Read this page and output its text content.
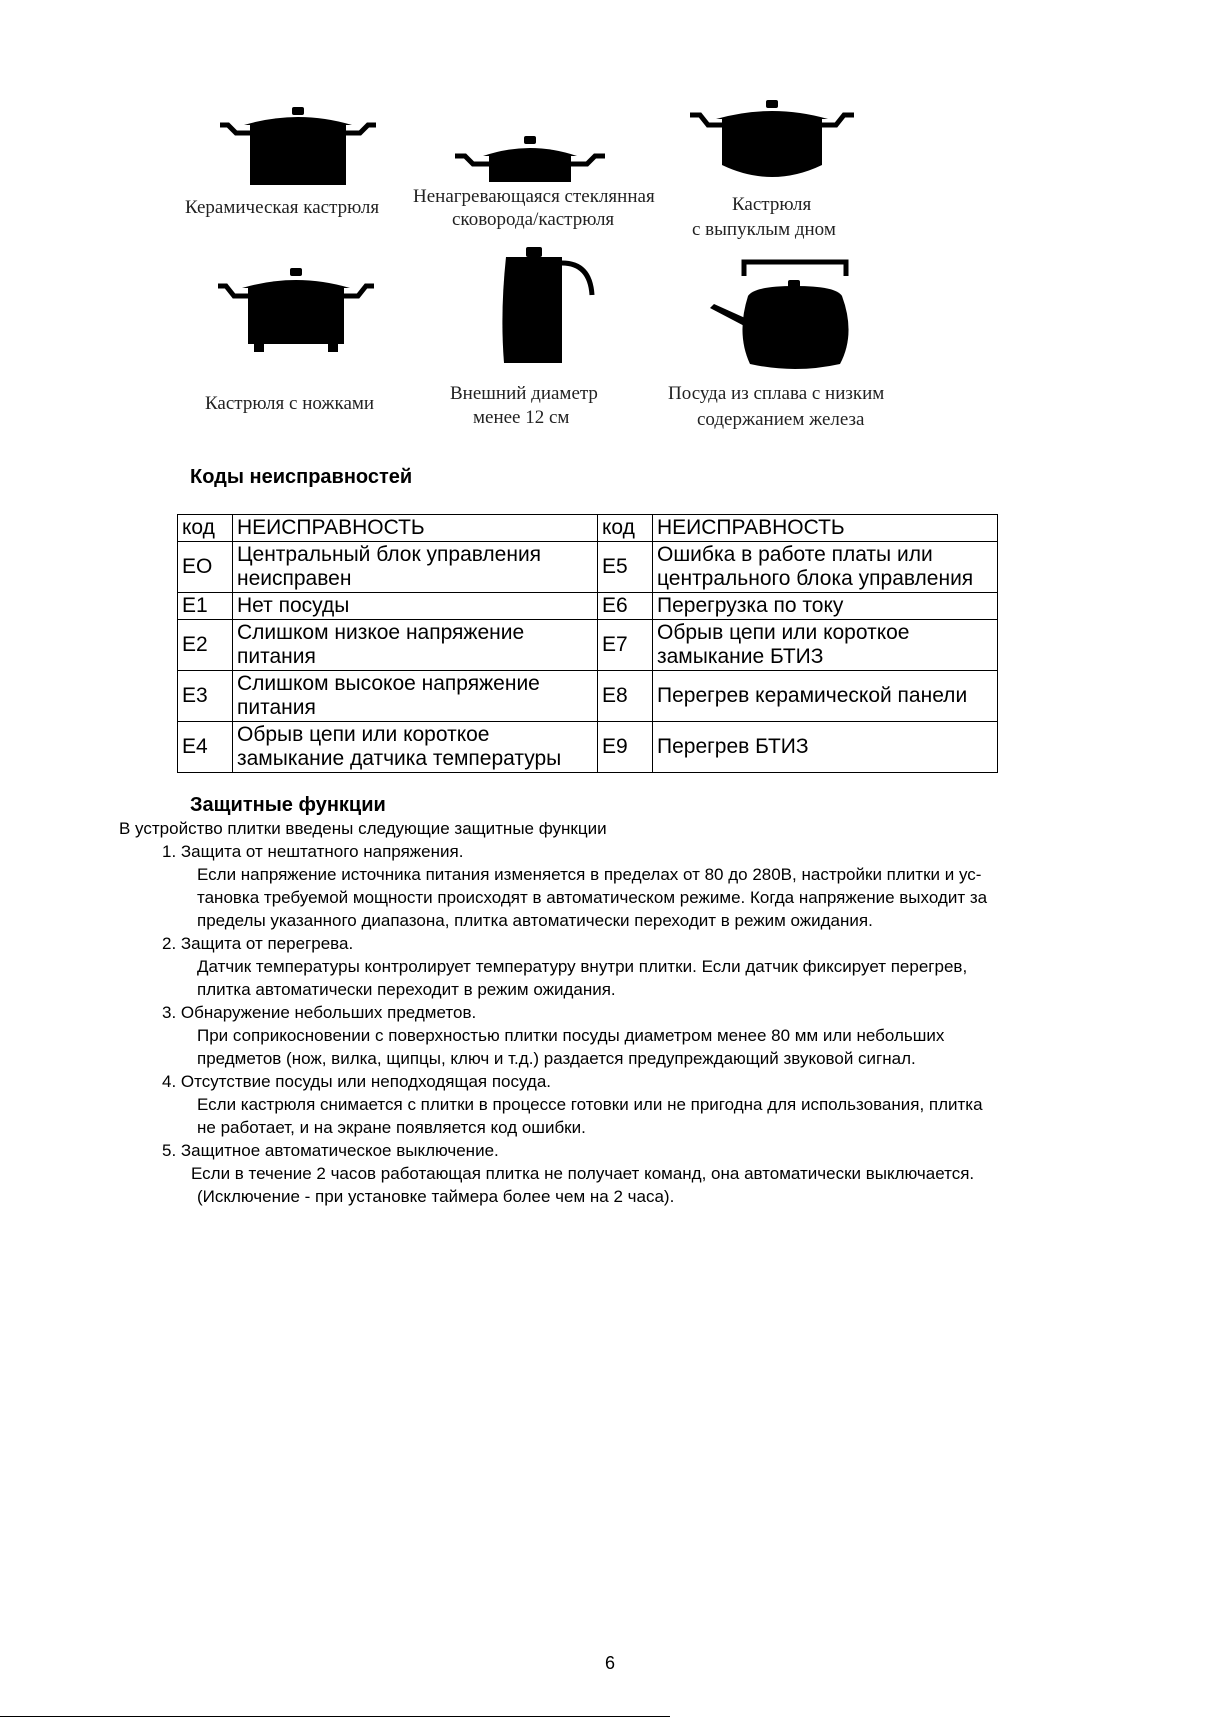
Керамическая кастрюля
Ненагревающаяся стеклянная
сковорода/кастрюля
Кастрюля
с выпуклым дном
Кастрюля с ножками	Внешний диаметр
менее 12 см
Посуда из сплава с низким
содержанием железа
Коды неисправностей
код	НЕИСПРАВНОСТЬ	код	НЕИСПРАВНОСТЬ
EO	Центральный блок управления неисправен	E5	Ошибка в работе платы или центрального блока управления
E1	Нет посуды	E6	Перегрузка по току
E2	Слишком низкое напряжение питания	E7	Обрыв цепи или короткое замыкание БТИЗ
E3	Слишком высокое напряжение питания	E8	Перегрев керамической панели
E4	Обрыв цепи или короткое замыкание датчика температуры	E9	Перегрев БТИЗ
Защитные функции
В устройство плитки введены следующие защитные функции
1. Защита от нештатного напряжения.
Если напряжение источника питания изменяется в пределах от 80 до 280В, настройки плитки и ус-
тановка требуемой мощности происходят в автоматическом режиме. Когда напряжение выходит за
пределы указанного диапазона, плитка автоматически переходит в режим ожидания.
2. Защита от перегрева.
Датчик температуры контролирует температуру внутри плитки. Если датчик фиксирует перегрев,
плитка автоматически переходит в режим ожидания.
3. Обнаружение небольших предметов.
При соприкосновении с поверхностью плитки посуды диаметром менее 80 мм или небольших
предметов (нож, вилка, щипцы, ключ и т.д.) раздается предупреждающий звуковой сигнал.
4. Отсутствие посуды или неподходящая посуда.
Если кастрюля снимается с плитки в процессе готовки или не пригодна для использования, плитка
не работает, и на экране появляется код ошибки.
5. Защитное автоматическое выключение.
Если в течение 2 часов работающая плитка не получает команд, она автоматически выключается.
(Исключение - при установке таймера более чем на 2 часа).
6
